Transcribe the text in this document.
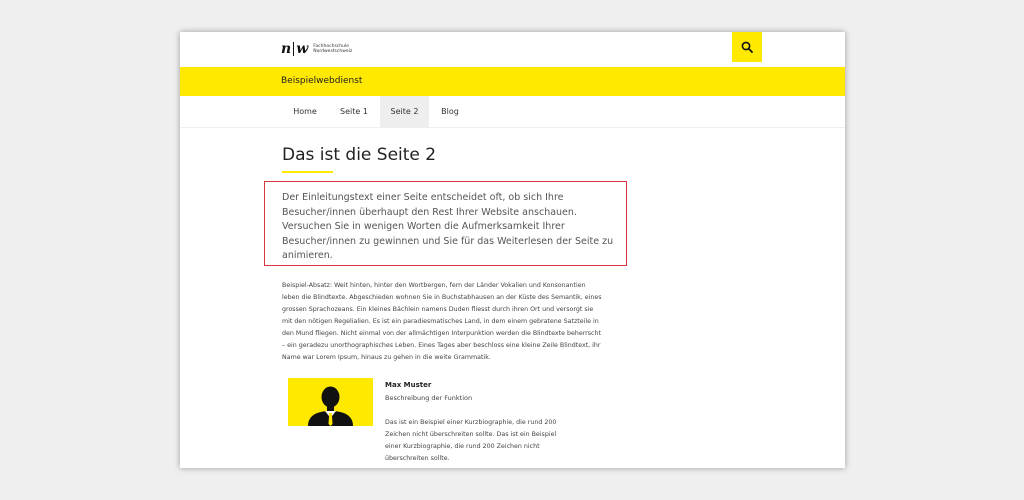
n w Fachhochschule
Nordwestschweiz
Beispielwebdienst
Home	Seite 1	Seite 2	Blog
Das ist die Seite 2

Der Einleitungstext einer Seite entscheidet oft, ob sich Ihre Besucher/innen überhaupt den Rest Ihrer Website anschauen. Versuchen Sie in wenigen Worten die Aufmerksamkeit Ihrer Besucher/innen zu gewinnen und Sie für das Weiterlesen der Seite zu animieren.

Beispiel-Absatz: Weit hinten, hinter den Wortbergen, fern der Länder Vokalien und Konsonantien leben die Blindtexte. Abgeschieden wohnen Sie in Buchstabhausen an der Küste des Semantik, eines grossen Sprachozeans. Ein kleines Bächlein namens Duden fliesst durch ihren Ort und versorgt sie mit den nötigen Regelialien. Es ist ein paradiesmatisches Land, in dem einem gebratene Satzteile in den Mund fliegen. Nicht einmal von der allmächtigen Interpunktion werden die Blindtexte beherrscht – ein geradezu unorthographisches Leben. Eines Tages aber beschloss eine kleine Zeile Blindtext, ihr Name war Lorem Ipsum, hinaus zu gehen in die weite Grammatik.

Max Muster
Beschreibung der Funktion

Das ist ein Beispiel einer Kurzbiographie, die rund 200 Zeichen nicht überschreiten sollte. Das ist ein Beispiel einer Kurzbiographie, die rund 200 Zeichen nicht überschreiten sollte.
